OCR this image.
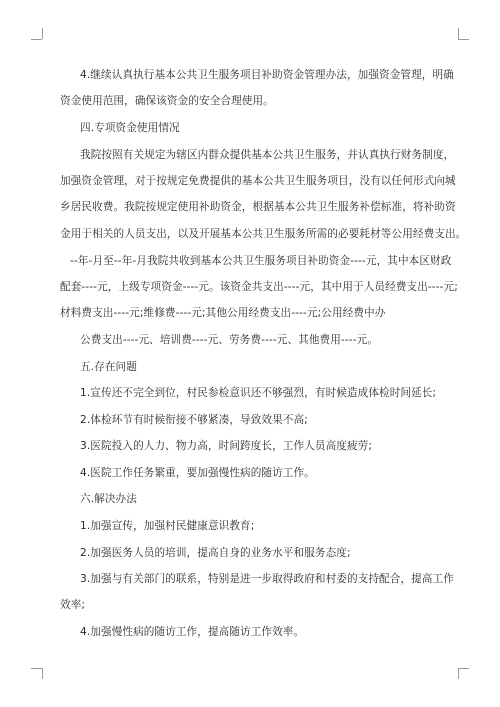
4.继续认真执行基本公共卫生服务项目补助资金管理办法，加强资金管理，明确
资金使用范围，确保该资金的安全合理使用。
四.专项资金使用情况
我院按照有关规定为辖区内群众提供基本公共卫生服务，并认真执行财务制度，
加强资金管理，对于按规定免费提供的基本公共卫生服务项目，没有以任何形式向城
乡居民收费。我院按规定使用补助资金，根据基本公共卫生服务补偿标准，将补助资
金用于相关的人员支出，以及开展基本公共卫生服务所需的必要耗材等公用经费支出。
--年-月至--年-月我院共收到基本公共卫生服务项目补助资金----元，其中本区财政
配套----元，上级专项资金----元。该资金共支出----元，其中用于人员经费支出----元;
材料费支出----元;维修费----元;其他公用经费支出----元;公用经费中办
公费支出----元、培训费----元、劳务费----元、其他费用----元。
五.存在问题
1.宣传还不完全到位，村民参检意识还不够强烈，有时候造成体检时间延长;
2.体检环节有时候衔接不够紧凑，导致效果不高;
3.医院投入的人力、物力高，时间跨度长，工作人员高度疲劳;
4.医院工作任务繁重，要加强慢性病的随访工作。
六.解决办法
1.加强宣传，加强村民健康意识教育;
2.加强医务人员的培训，提高自身的业务水平和服务态度;
3.加强与有关部门的联系，特别是进一步取得政府和村委的支持配合，提高工作
效率;
4.加强慢性病的随访工作，提高随访工作效率。
